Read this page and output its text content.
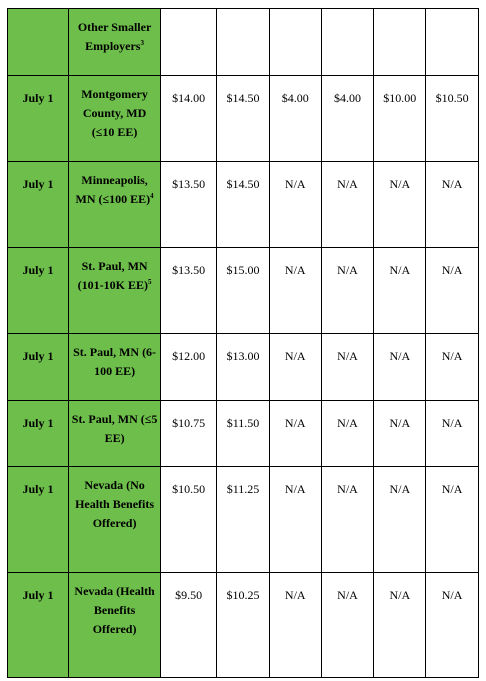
	Other Smaller Employers$^3$						
July 1	Montgomery County, MD (≤10 EE)	$14.00	$14.50	$4.00	$4.00	$10.00	$10.50
July 1	Minneapolis, MN (≤100 EE)$^4$	$13.50	$14.50	N/A	N/A	N/A	N/A
July 1	St. Paul, MN (101-10K EE)$^5$	$13.50	$15.00	N/A	N/A	N/A	N/A
July 1	St. Paul, MN (6-100 EE)	$12.00	$13.00	N/A	N/A	N/A	N/A
July 1	St. Paul, MN (≤5 EE)	$10.75	$11.50	N/A	N/A	N/A	N/A
July 1	Nevada (No Health Benefits Offered)	$10.50	$11.25	N/A	N/A	N/A	N/A
July 1	Nevada (Health Benefits Offered)	$9.50	$10.25	N/A	N/A	N/A	N/A
